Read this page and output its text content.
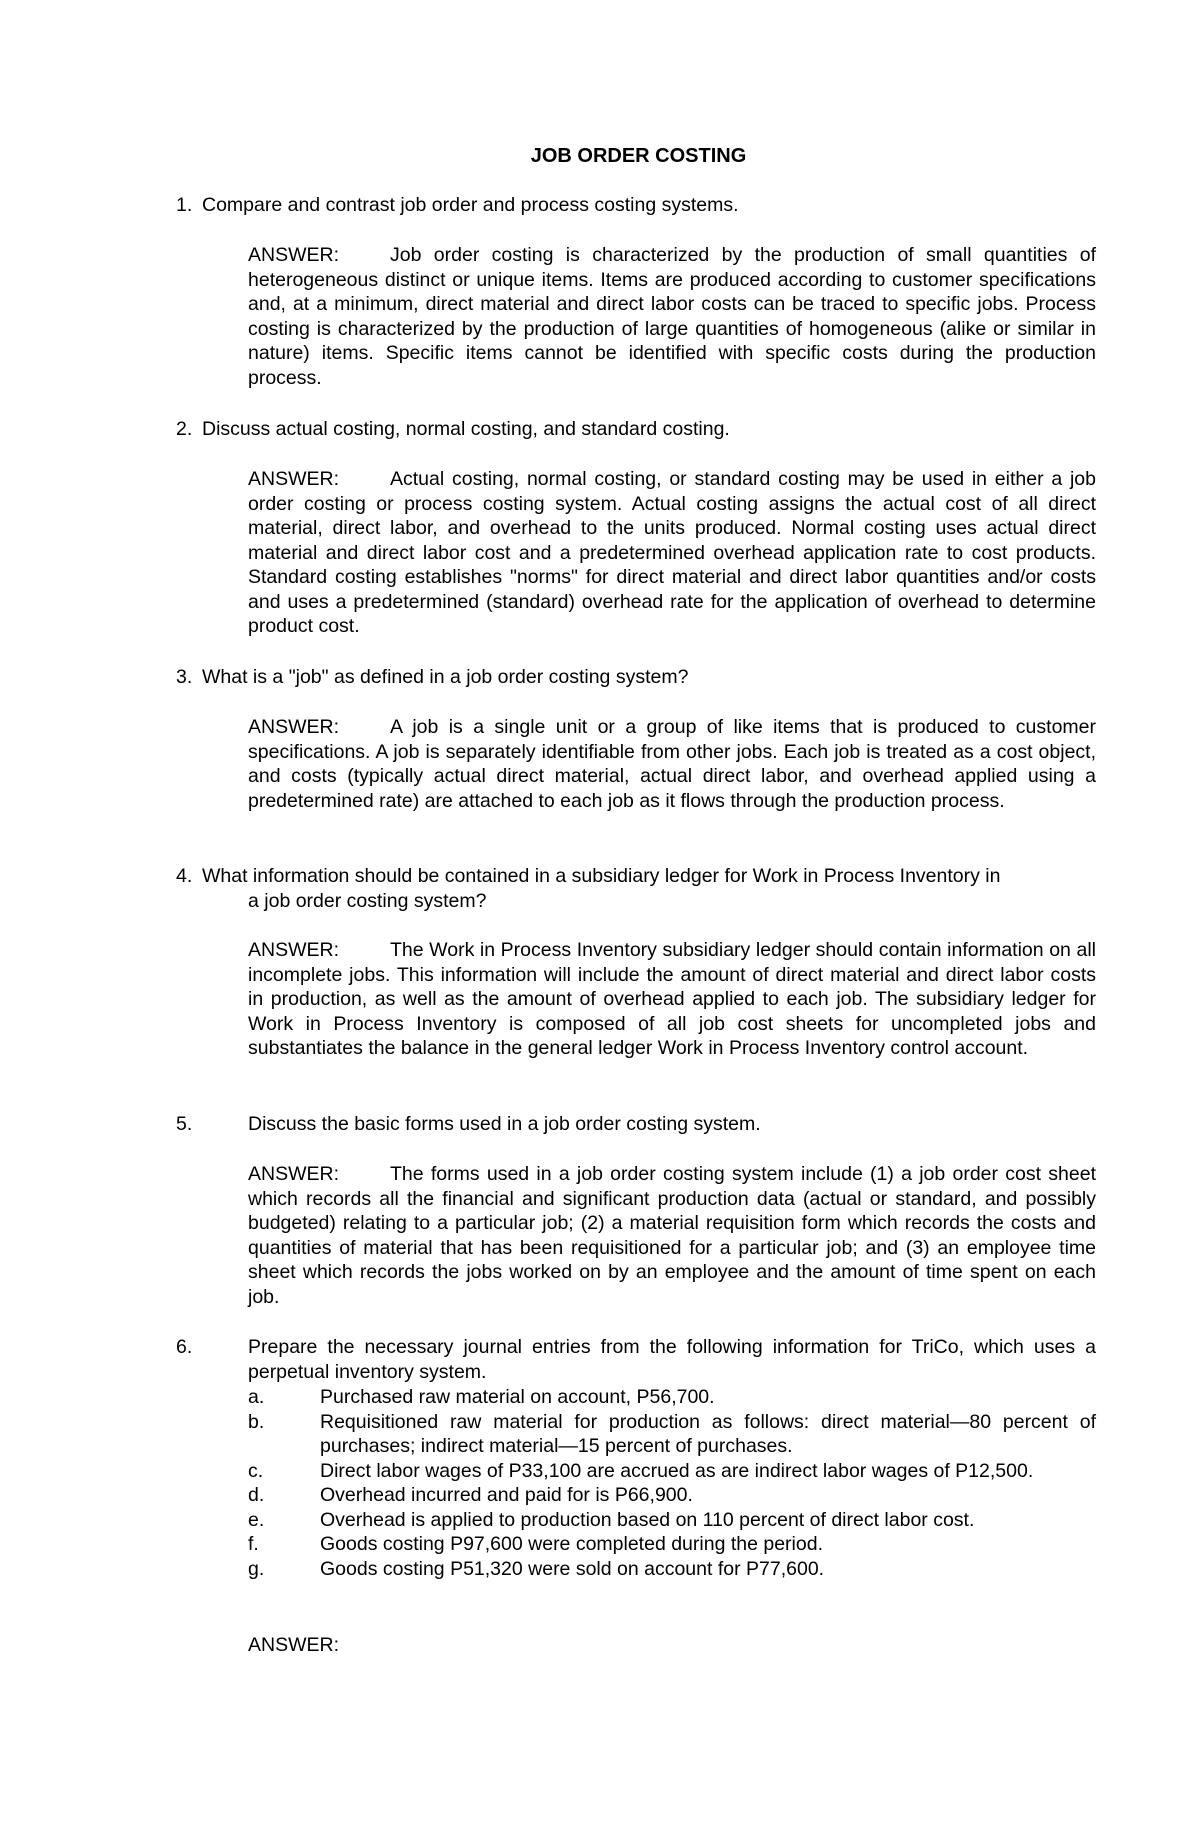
JOB ORDER COSTING
1. Compare and contrast job order and process costing systems.
ANSWER:	Job order costing is characterized by the production of small quantities of heterogeneous distinct or unique items. Items are produced according to customer specifications and, at a minimum, direct material and direct labor costs can be traced to specific jobs. Process costing is characterized by the production of large quantities of homogeneous (alike or similar in nature) items. Specific items cannot be identified with specific costs during the production process.
2. Discuss actual costing, normal costing, and standard costing.
ANSWER:	Actual costing, normal costing, or standard costing may be used in either a job order costing or process costing system. Actual costing assigns the actual cost of all direct material, direct labor, and overhead to the units produced. Normal costing uses actual direct material and direct labor cost and a predetermined overhead application rate to cost products. Standard costing establishes "norms" for direct material and direct labor quantities and/or costs and uses a predetermined (standard) overhead rate for the application of overhead to determine product cost.
3. What is a "job" as defined in a job order costing system?
ANSWER:	A job is a single unit or a group of like items that is produced to customer specifications. A job is separately identifiable from other jobs. Each job is treated as a cost object, and costs (typically actual direct material, actual direct labor, and overhead applied using a predetermined rate) are attached to each job as it flows through the production process.
4. What information should be contained in a subsidiary ledger for Work in Process Inventory in
a job order costing system?
ANSWER:	The Work in Process Inventory subsidiary ledger should contain information on all incomplete jobs. This information will include the amount of direct material and direct labor costs in production, as well as the amount of overhead applied to each job. The subsidiary ledger for Work in Process Inventory is composed of all job cost sheets for uncompleted jobs and substantiates the balance in the general ledger Work in Process Inventory control account.
5.	Discuss the basic forms used in a job order costing system.
ANSWER:	The forms used in a job order costing system include (1) a job order cost sheet which records all the financial and significant production data (actual or standard, and possibly budgeted) relating to a particular job; (2) a material requisition form which records the costs and quantities of material that has been requisitioned for a particular job; and (3) an employee time sheet which records the jobs worked on by an employee and the amount of time spent on each job.
6.	Prepare the necessary journal entries from the following information for TriCo, which uses a perpetual inventory system.
a.	Purchased raw material on account, P56,700.
b.	Requisitioned raw material for production as follows: direct material—80 percent of purchases; indirect material—15 percent of purchases.
c.	Direct labor wages of P33,100 are accrued as are indirect labor wages of P12,500.
d.	Overhead incurred and paid for is P66,900.
e.	Overhead is applied to production based on 110 percent of direct labor cost.
f.	Goods costing P97,600 were completed during the period.
g.	Goods costing P51,320 were sold on account for P77,600.
ANSWER:
